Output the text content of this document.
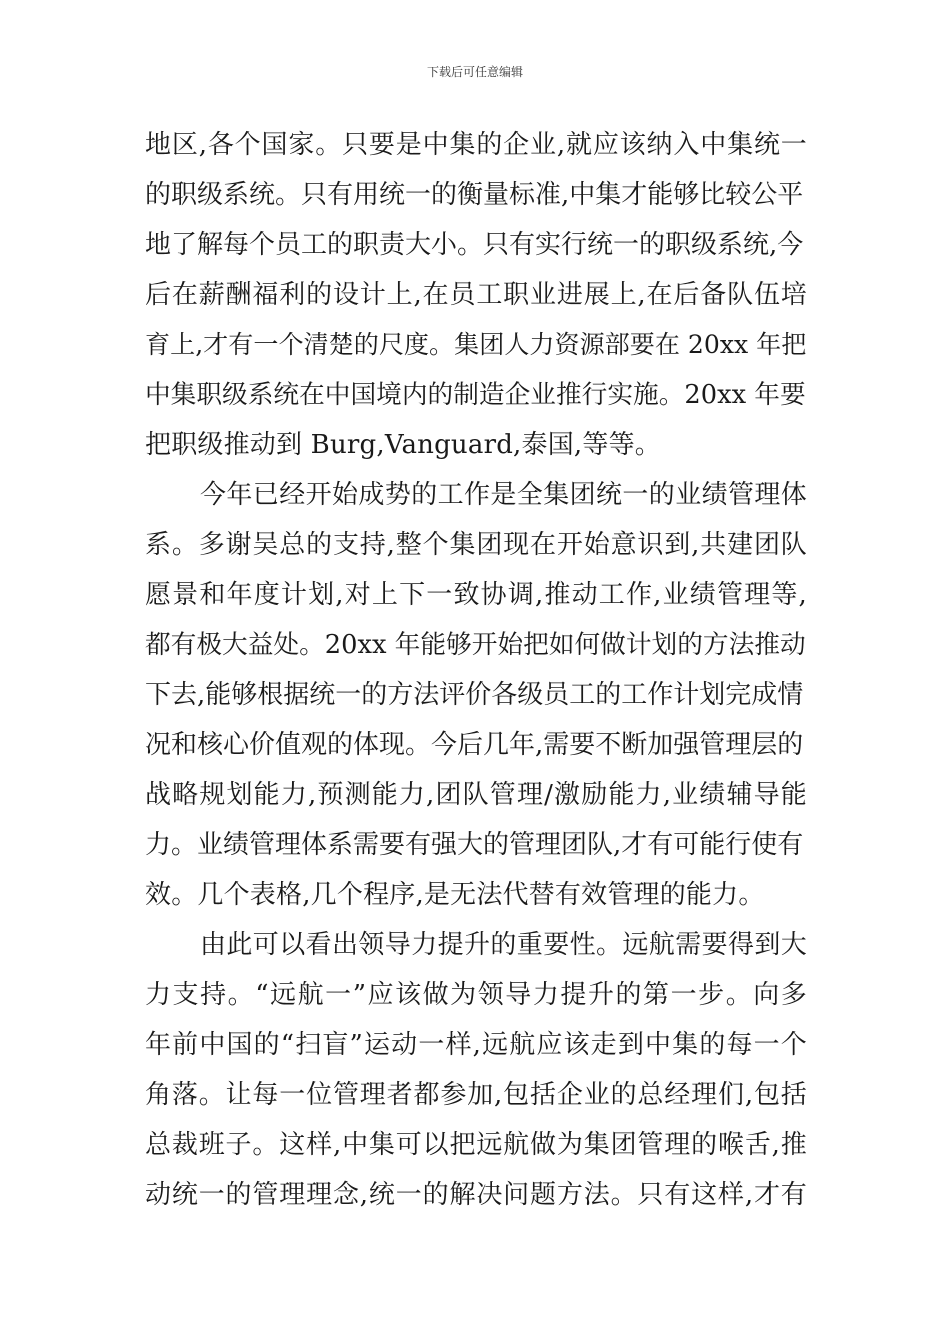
下载后可任意编辑
地区,各个国家。只要是中集的企业,就应该纳入中集统一
的职级系统。只有用统一的衡量标准,中集才能够比较公平
地了解每个员工的职责大小。只有实行统一的职级系统,今
后在薪酬福利的设计上,在员工职业进展上,在后备队伍培
育上,才有一个清楚的尺度。集团人力资源部要在 20xx 年把
中集职级系统在中国境内的制造企业推行实施。20xx 年要
把职级推动到 Burg,Vanguard,泰国,等等。
今年已经开始成势的工作是全集团统一的业绩管理体
系。多谢吴总的支持,整个集团现在开始意识到,共建团队
愿景和年度计划,对上下一致协调,推动工作,业绩管理等,
都有极大益处。20xx 年能够开始把如何做计划的方法推动
下去,能够根据统一的方法评价各级员工的工作计划完成情
况和核心价值观的体现。今后几年,需要不断加强管理层的
战略规划能力,预测能力,团队管理/激励能力,业绩辅导能
力。业绩管理体系需要有强大的管理团队,才有可能行使有
效。几个表格,几个程序,是无法代替有效管理的能力。
由此可以看出领导力提升的重要性。远航需要得到大
力支持。“远航一”应该做为领导力提升的第一步。向多
年前中国的“扫盲”运动一样,远航应该走到中集的每一个
角落。让每一位管理者都参加,包括企业的总经理们,包括
总裁班子。这样,中集可以把远航做为集团管理的喉舌,推
动统一的管理理念,统一的解决问题方法。只有这样,才有
